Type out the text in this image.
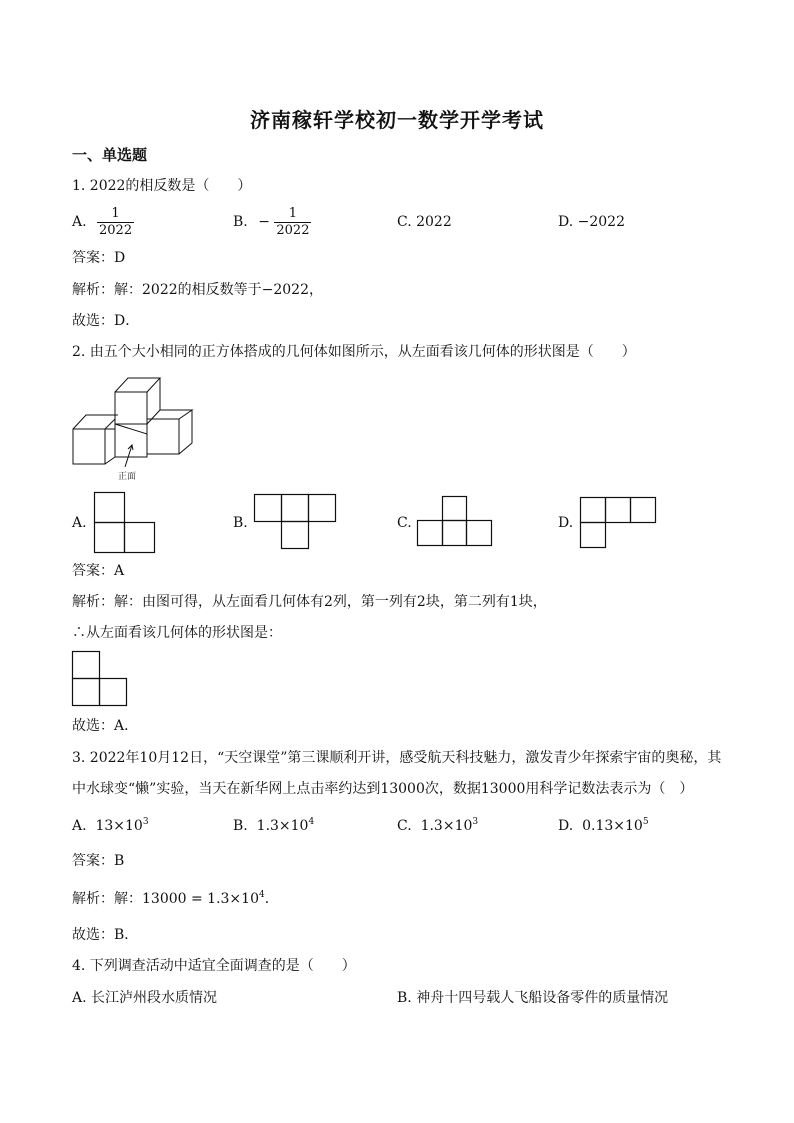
济南稼轩学校初一数学开学考试
一、单选题
1. 2022的相反数是（　　）
A. $\frac{1}{2022}$	B. − $\frac{1}{2022}$	C. 2022	D. −2022
答案：D
解析：解：2022的相反数等于−2022，
故选：D．
2. 由五个大小相同的正方体搭成的几何体如图所示，从左面看该几何体的形状图是（　　）
正面
A.	B.	C.	D.
答案：A
解析：解：由图可得，从左面看几何体有2列，第一列有2块，第二列有1块，
∴从左面看该几何体的形状图是：
故选：A．
3. 2022年10月12日，“天空课堂”第三课顺利开讲，感受航天科技魅力，激发青少年探索宇宙的奥秘，其
中水球变“懒”实验，当天在新华网上点击率约达到13000次，数据13000用科学记数法表示为（　）
A. $13\times 10^3$	B. $1.3\times 10^4$	C. $1.3\times 10^3$	D. $0.13\times 10^5$
答案：B
解析：解：$13000 = 1.3\times 10^4$．
故选：B．
4. 下列调查活动中适宜全面调查的是（　　）
A. 长江泸州段水质情况	B. 神舟十四号载人飞船设备零件的质量情况
